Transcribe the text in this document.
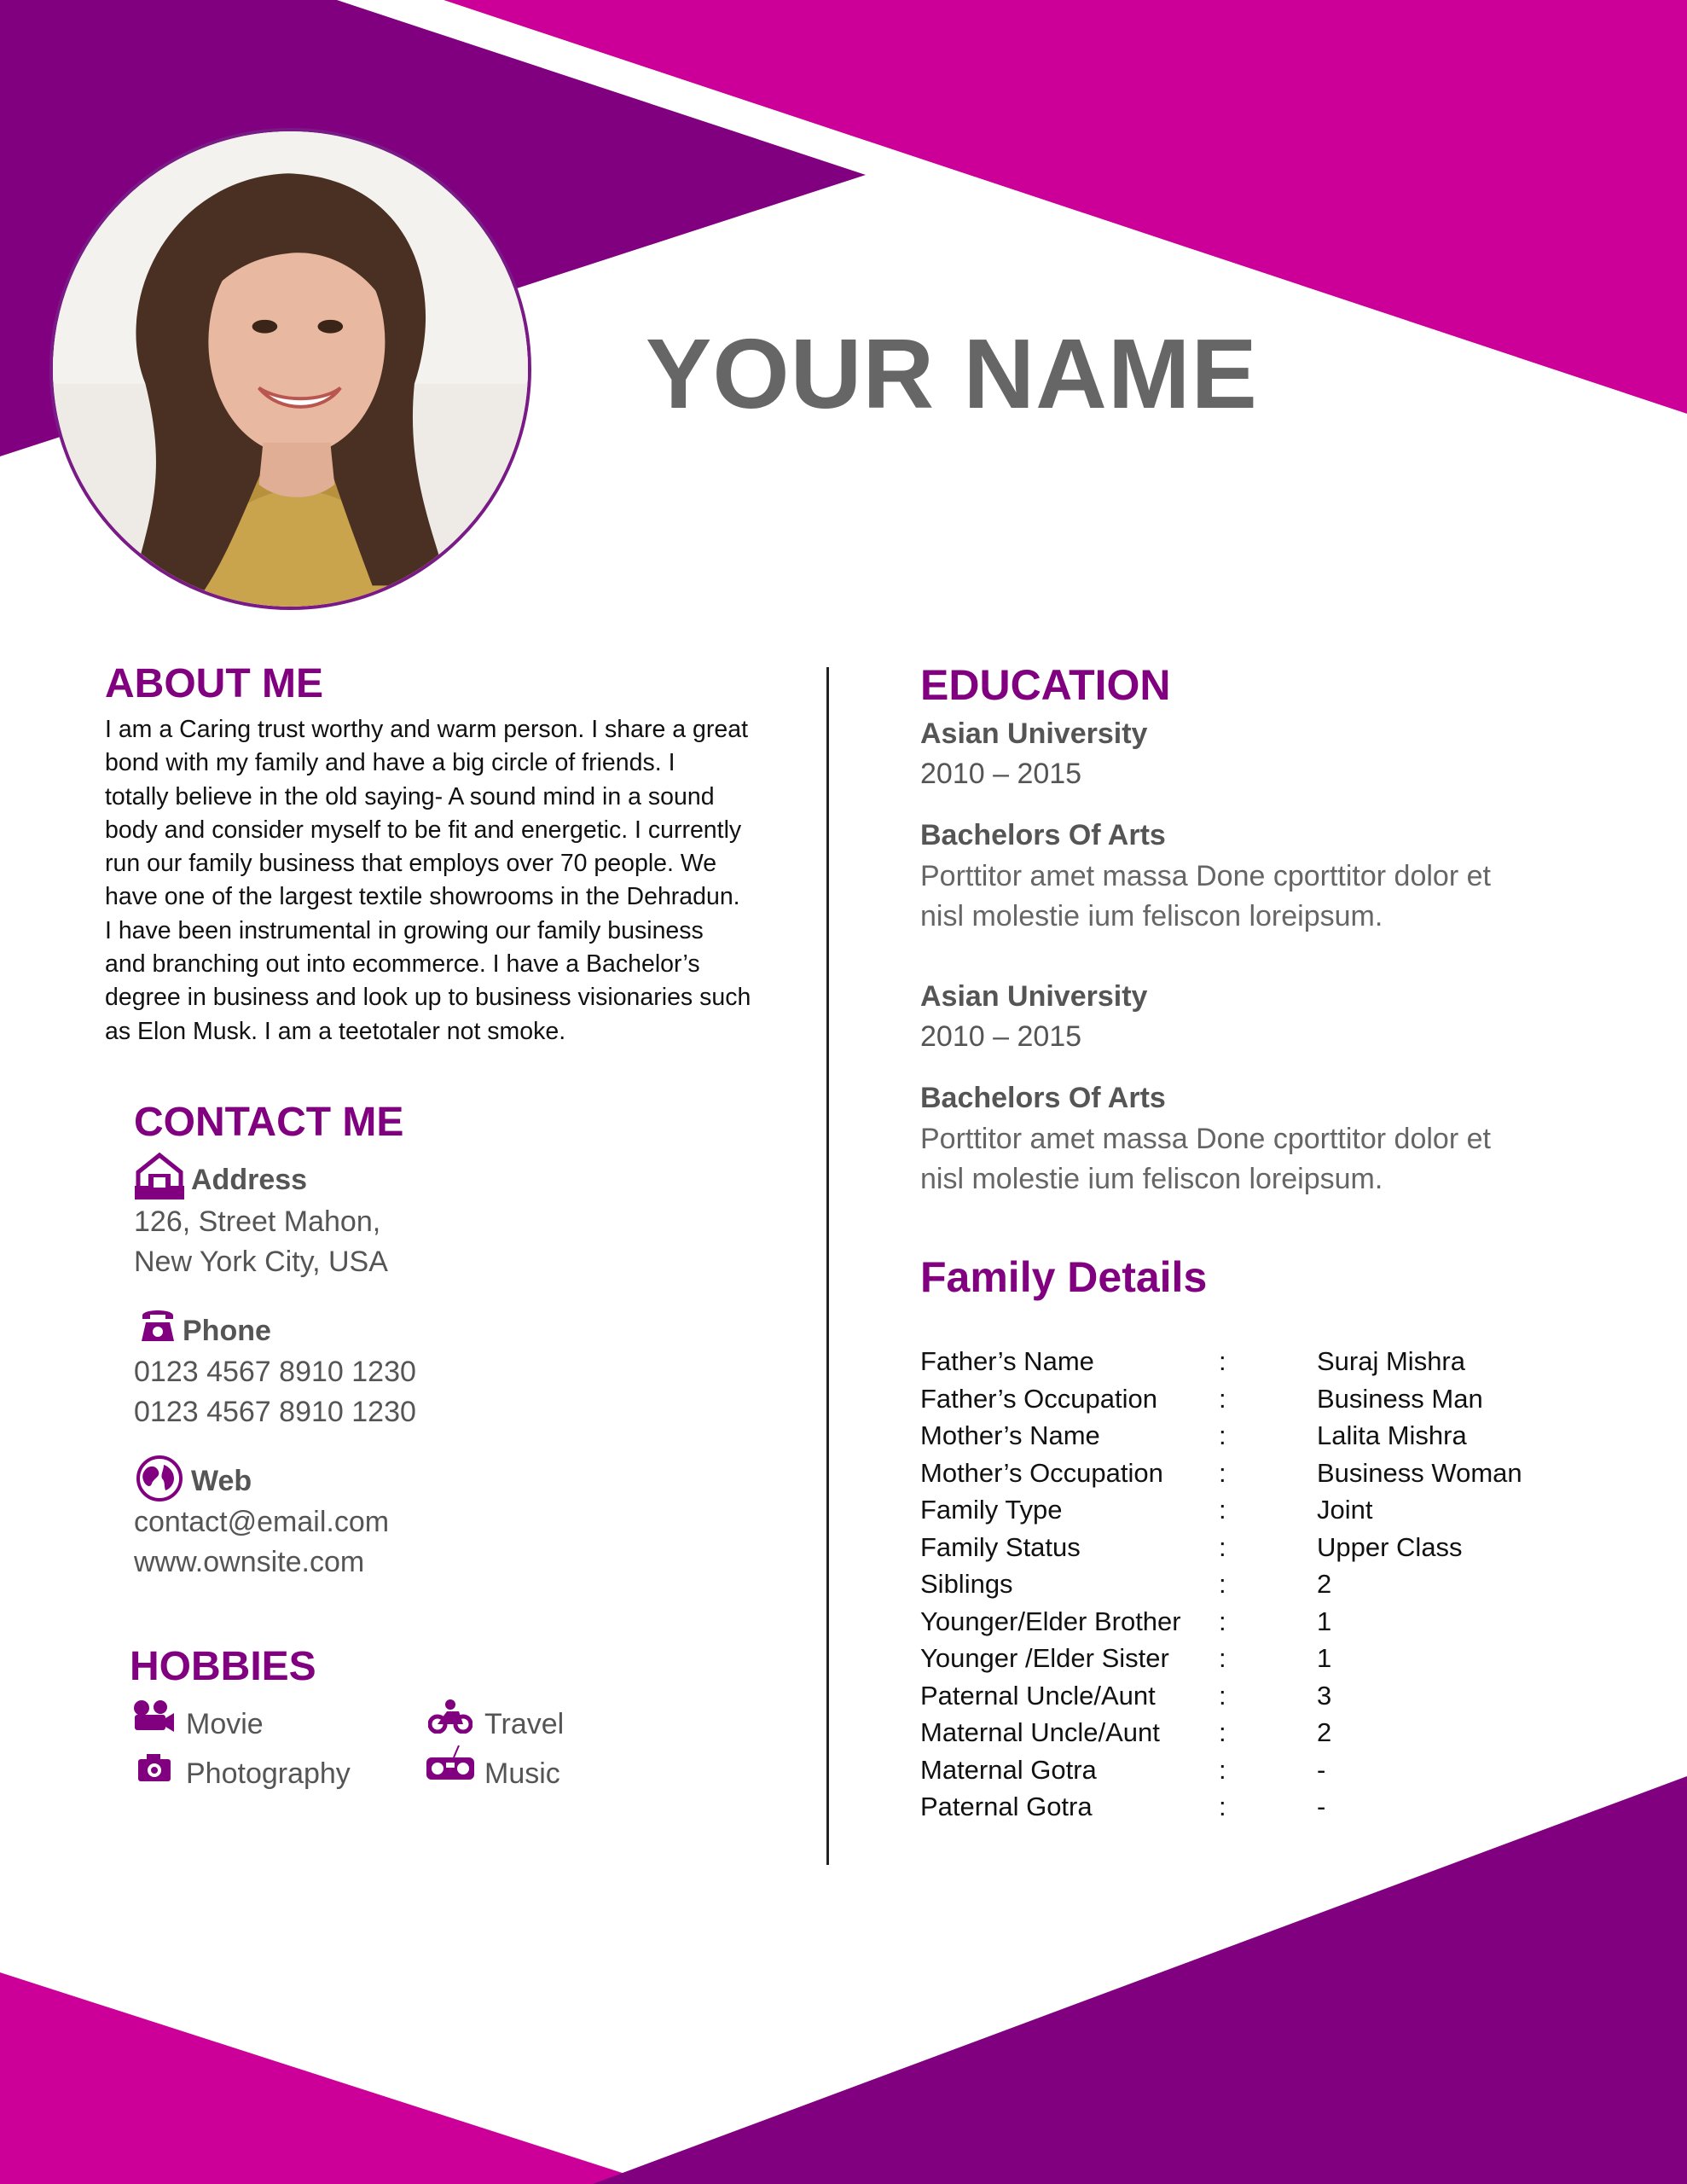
YOUR NAME
ABOUT ME
I am a Caring trust worthy and warm person. I share a great
bond with my family and have a big circle of friends. I
totally believe in the old saying- A sound mind in a sound
body and consider myself to be fit and energetic. I currently
run our family business that employs over 70 people. We
have one of the largest textile showrooms in the Dehradun.
I have been instrumental in growing our family business
and branching out into ecommerce. I have a Bachelor’s
degree in business and look up to business visionaries such
as Elon Musk. I am a teetotaler not smoke.
CONTACT ME
Address
126, Street Mahon,
New York City, USA
Phone
0123 4567 8910 1230
0123 4567 8910 1230
Web
contact@email.com
www.ownsite.com
HOBBIES
Movie	Travel
Photography	Music
EDUCATION
Asian University
2010 – 2015
Bachelors Of Arts
Porttitor amet massa Done cporttitor dolor et
nisl molestie ium feliscon loreipsum.
Asian University
2010 – 2015
Bachelors Of Arts
Porttitor amet massa Done cporttitor dolor et
nisl molestie ium feliscon loreipsum.
Family Details
Father’s Name	:	Suraj Mishra
Father’s Occupation	:	Business Man
Mother’s Name	:	Lalita Mishra
Mother’s Occupation	:	Business Woman
Family Type	:	Joint
Family Status	:	Upper Class
Siblings	:	2
Younger/Elder Brother	:	1
Younger /Elder Sister	:	1
Paternal Uncle/Aunt	:	3
Maternal Uncle/Aunt	:	2
Maternal Gotra	:	-
Paternal Gotra	:	-
